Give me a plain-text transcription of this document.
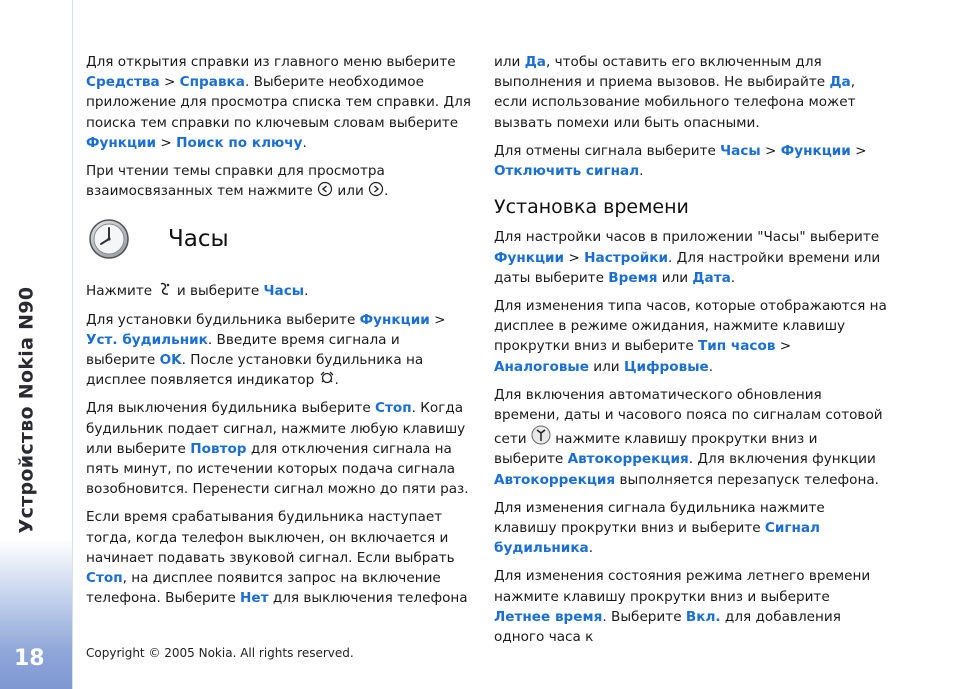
Устройство Nokia N90
18

Для открытия справки из главного меню выберите Средства > Справка. Выберите необходимое приложение для просмотра списка тем справки. Для поиска тем справки по ключевым словам выберите Функции > Поиск по ключу.

При чтении темы справки для просмотра взаимосвязанных тем нажмите  или .

Часы

Нажмите  и выберите Часы.

Для установки будильника выберите Функции > Уст. будильник. Введите время сигнала и выберите OK. После установки будильника на дисплее появляется индикатор .

Для выключения будильника выберите Стоп. Когда будильник подает сигнал, нажмите любую клавишу или выберите Повтор для отключения сигнала на пять минут, по истечении которых подача сигнала возобновится. Перенести сигнал можно до пяти раз.

Если время срабатывания будильника наступает тогда, когда телефон выключен, он включается и начинает подавать звуковой сигнал. Если выбрать Стоп, на дисплее появится запрос на включение телефона. Выберите Нет для выключения телефона

или Да, чтобы оставить его включенным для выполнения и приема вызовов. Не выбирайте Да, если использование мобильного телефона может вызвать помехи или быть опасными.

Для отмены сигнала выберите Часы > Функции > Отключить сигнал.

Установка времени

Для настройки часов в приложении "Часы" выберите Функции > Настройки. Для настройки времени или даты выберите Время или Дата.

Для изменения типа часов, которые отображаются на дисплее в режиме ожидания, нажмите клавишу прокрутки вниз и выберите Тип часов > Аналоговые или Цифровые.

Для включения автоматического обновления времени, даты и часового пояса по сигналам сотовой сети  нажмите клавишу прокрутки вниз и выберите Автокоррекция. Для включения функции Автокоррекция выполняется перезапуск телефона.

Для изменения сигнала будильника нажмите клавишу прокрутки вниз и выберите Сигнал будильника.

Для изменения состояния режима летнего времени нажмите клавишу прокрутки вниз и выберите Летнее время. Выберите Вкл. для добавления одного часа к

Copyright © 2005 Nokia. All rights reserved.
